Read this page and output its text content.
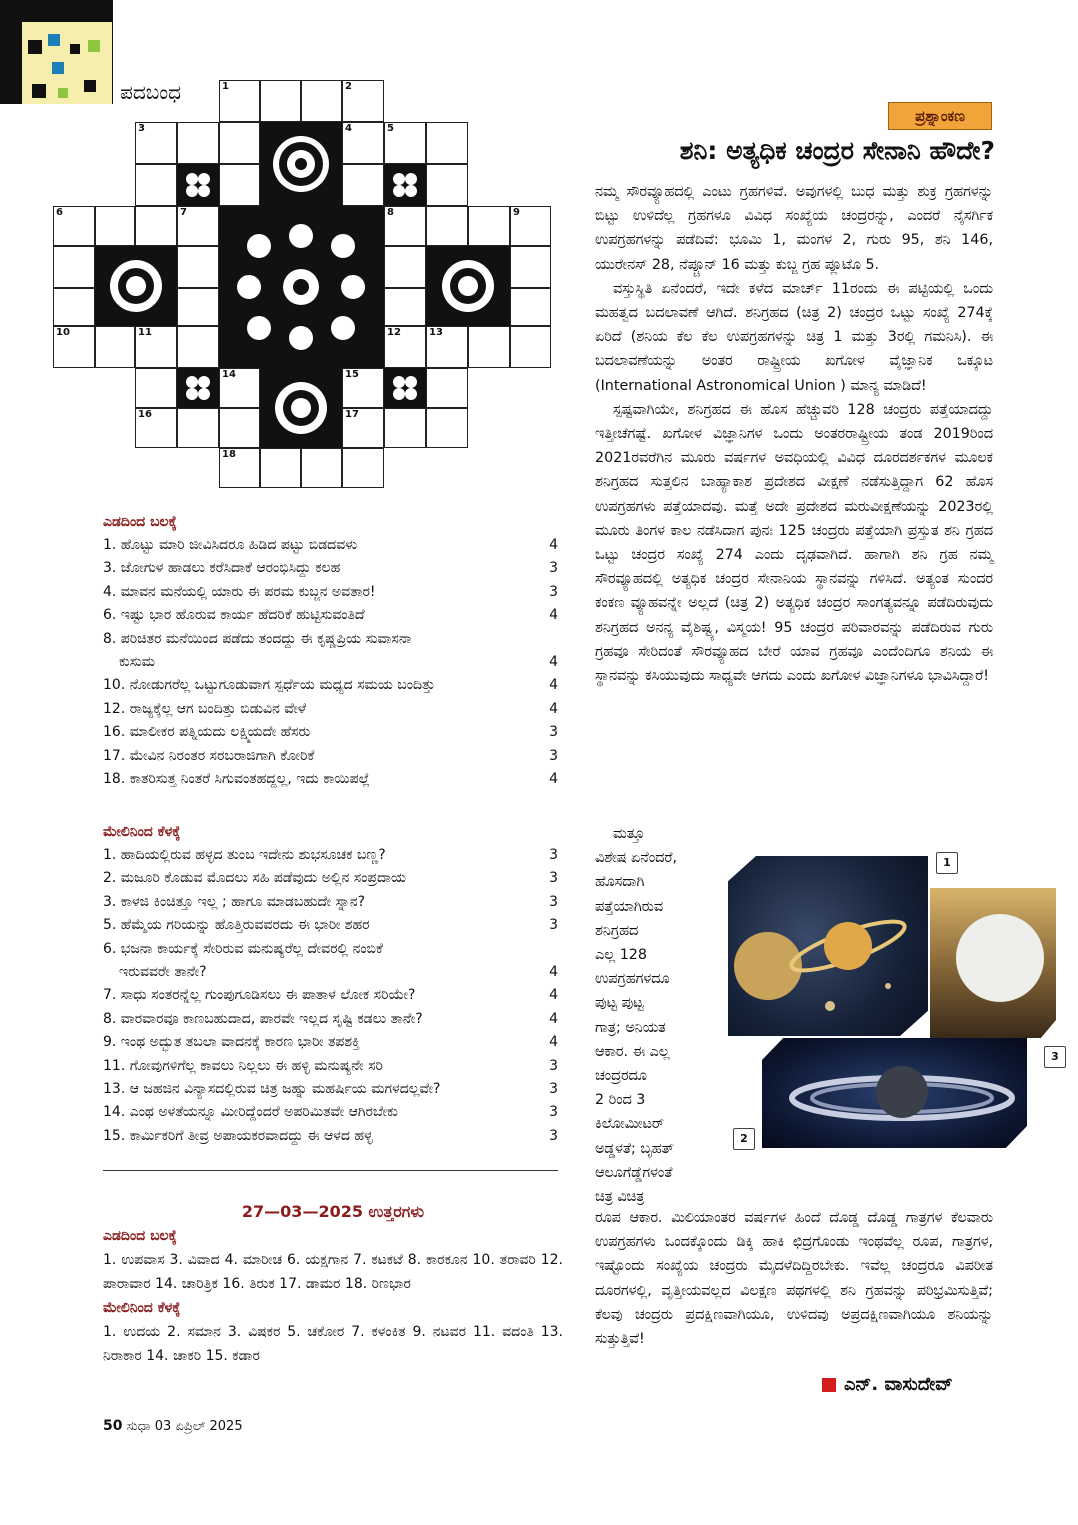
ಪದಬಂಧ	1	2
3	4	5
6	7	8	9
10	11	12	13
14	15
16	17
18
ಎಡದಿಂದ ಬಲಕ್ಕೆ
1. ಹೊಟ್ಟು ಮಾರಿ ಜೀವಿಸಿದರೂ ಹಿಡಿದ ಪಟ್ಟು ಬಿಡದವಳು	4
3. ಜೋಗುಳ ಹಾಡಲು ಕರೆಸಿದಾಕೆ ಆರಂಭಿಸಿದ್ದು ಕಲಹ	3
4. ಮಾವನ ಮನೆಯಲ್ಲಿ ಯಾರು ಈ ಪರಮ ಕುಬ್ಜನ ಅವತಾರ!	3
6. ಇಷ್ಟು ಭಾರ ಹೊರುವ ಕಾರ್ಯ ಹೆದರಿಕೆ ಹುಟ್ಟಿಸುವಂತಿದೆ	4
8. ಪರಿಚಿತರ ಮನೆಯಿಂದ ಪಡೆದು ತಂದದ್ದು ಈ ಕೃಷ್ಣಪ್ರಿಯ ಸುವಾಸನಾ
ಕುಸುಮ	4
10. ನೋಡುಗರೆಲ್ಲ ಒಟ್ಟುಗೂಡುವಾಗ ಸ್ಪರ್ಧೆಯ ಮಧ್ಯದ ಸಮಯ ಬಂದಿತ್ತು	4
12. ರಾಜ್ಯಕ್ಕೆಲ್ಲ ಆಗ ಬಂದಿತ್ತು ಬಿಡುವಿನ ವೇಳೆ	4
16. ಮಾಲೀಕರ ಪತ್ನಿಯದು ಲಕ್ಷ್ಮಿಯದೇ ಹೆಸರು	3
17. ಮೇವಿನ ನಿರಂತರ ಸರಬರಾಜಿಗಾಗಿ ಕೋರಿಕೆ	3
18. ಕಾತರಿಸುತ್ತ ನಿಂತರೆ ಸಿಗುವಂತಹದ್ದಲ್ಲ, ಇದು ಕಾಯಿಪಲ್ಲೆ	4
ಮೇಲಿನಿಂದ ಕೆಳಕ್ಕೆ
1. ಹಾದಿಯಲ್ಲಿರುವ ಹಳ್ಳದ ತುಂಬ ಇದೇನು ಶುಭಸೂಚಕ ಬಣ್ಣ?	3
2. ಮಜೂರಿ ಕೊಡುವ ಮೊದಲು ಸಹಿ ಪಡೆವುದು ಅಲ್ಲಿನ ಸಂಪ್ರದಾಯ	3
3. ಕಾಳಜಿ ಕಿಂಚಿತ್ತೂ ಇಲ್ಲ ; ಹಾಗೂ ಮಾಡಬಹುದೇ ಸ್ನಾನ?	3
5. ಹೆಮ್ಮೆಯ ಗರಿಯನ್ನು ಹೊತ್ತಿರುವವರದು ಈ ಭಾರೀ ಶಹರ	3
6. ಭಜನಾ ಕಾರ್ಯಕ್ಕೆ ಸೇರಿರುವ ಮನುಷ್ಯರೆಲ್ಲ ದೇವರಲ್ಲಿ ನಂಬಿಕೆ
ಇರುವವರೇ ತಾನೇ?	4
7. ಸಾಧು ಸಂತರನ್ನೆಲ್ಲ ಗುಂಪುಗೂಡಿಸಲು ಈ ಪಾತಾಳ ಲೋಕ ಸರಿಯೇ?	4
8. ವಾರವಾರವೂ ಕಾಣಬಹುದಾದ, ಪಾರವೇ ಇಲ್ಲದ ಸೃಷ್ಟಿ ಕಡಲು ತಾನೇ?	4
9. ಇಂಥ ಅದ್ಭುತ ತಬಲಾ ವಾದನಕ್ಕೆ ಕಾರಣ ಭಾರೀ ತಪಶಕ್ತಿ	4
11. ಗೋವುಗಳಿಗೆಲ್ಲ ಕಾವಲು ನಿಲ್ಲಲು ಈ ಹಳ್ಳಿ ಮನುಷ್ಯನೇ ಸರಿ	3
13. ಆ ಜಹಜಿನ ವಿನ್ಯಾಸದಲ್ಲಿರುವ ಚಿತ್ರ ಜಹ್ನು ಮಹರ್ಷಿಯ ಮಗಳದಲ್ಲವೇ?	3
14. ಎಂಥ ಅಳತೆಯನ್ನೂ ಮೀರಿದ್ದೆಂದರೆ ಅಪರಿಮಿತವೇ ಆಗಿರಬೇಕು	3
15. ಕಾರ್ಮಿಕರಿಗೆ ತೀವ್ರ ಅಪಾಯಕರವಾದದ್ದು ಈ ಆಳದ ಹಳ್ಳ	3
27—03—2025 ಉತ್ತರಗಳು
ಎಡದಿಂದ ಬಲಕ್ಕೆ

1. ಉಪವಾಸ 3. ವಿವಾದ 4. ಮಾರೀಚ 6. ಯಕ್ಷಗಾನ 7. ಕಟಕಟೆ 8. ಕಾರಕೂನ 10. ತರಾವರಿ 12. ಪಾರಾವಾರ 14. ಚಾರಿತ್ರಿಕ 16. ತಿರುಕ 17. ಡಾಮರ 18. ರಿಣಭಾರ

ಮೇಲಿನಿಂದ ಕೆಳಕ್ಕೆ

1. ಉದಯ 2. ಸಮಾನ 3. ವಿಷಕರ 5. ಚಕೋರ 7. ಕಳಂಕಿತ 9. ನಟವರ 11. ವದಂತಿ 13. ನಿರಾಕಾರ 14. ಚಾಕರಿ 15. ಕಡಾರ

50 ಸುಧಾ 03 ಏಪ್ರಿಲ್ 2025
ಪ್ರಶ್ನಾಂಕಣ
ಶನಿ: ಅತ್ಯಧಿಕ ಚಂದ್ರರ ಸೇನಾನಿ ಹೌದೇ?

ನಮ್ಮ ಸೌರವ್ಯೂಹದಲ್ಲಿ ಎಂಟು ಗ್ರಹಗಳಿವೆ. ಅವುಗಳಲ್ಲಿ ಬುಧ ಮತ್ತು ಶುಕ್ರ ಗ್ರಹಗಳನ್ನು ಬಿಟ್ಟು ಉಳಿದೆಲ್ಲ ಗ್ರಹಗಳೂ ವಿವಿಧ ಸಂಖ್ಯೆಯ ಚಂದ್ರರನ್ನು, ಎಂದರೆ ನೈಸರ್ಗಿಕ ಉಪಗ್ರಹಗಳನ್ನು ಪಡೆದಿವೆ: ಭೂಮಿ 1, ಮಂಗಳ 2, ಗುರು 95, ಶನಿ 146, ಯುರೇನಸ್ 28, ನೆಪ್ಚೂನ್ 16 ಮತ್ತು ಕುಬ್ಜ ಗ್ರಹ ಪ್ಲೂಟೊ 5.

ವಸ್ತುಸ್ಥಿತಿ ಏನೆಂದರೆ, ಇದೇ ಕಳೆದ ಮಾರ್ಚ್ 11ರಂದು ಈ ಪಟ್ಟಿಯಲ್ಲಿ ಒಂದು ಮಹತ್ವದ ಬದಲಾವಣೆ ಆಗಿದೆ. ಶನಿಗ್ರಹದ (ಚಿತ್ರ 2) ಚಂದ್ರರ ಒಟ್ಟು ಸಂಖ್ಯೆ 274ಕ್ಕೆ ಏರಿದೆ (ಶನಿಯ ಕೆಲ ಕೆಲ ಉಪಗ್ರಹಗಳನ್ನು ಚಿತ್ರ 1 ಮತ್ತು 3ರಲ್ಲಿ ಗಮನಿಸಿ). ಈ ಬದಲಾವಣೆಯನ್ನು ಅಂತರ ರಾಷ್ಟ್ರೀಯ ಖಗೋಳ ವೈಜ್ಞಾನಿಕ ಒಕ್ಕೂಟ (International Astronomical Union ) ಮಾನ್ಯ ಮಾಡಿದೆ!

ಸ್ಪಷ್ಟವಾಗಿಯೇ, ಶನಿಗ್ರಹದ ಈ ಹೊಸ ಹೆಚ್ಚುವರಿ 128 ಚಂದ್ರರು ಪತ್ತೆಯಾದದ್ದು ಇತ್ತೀಚೆಗಷ್ಟೆ. ಖಗೋಳ ವಿಜ್ಞಾನಿಗಳ ಒಂದು ಅಂತರರಾಷ್ಟ್ರೀಯ ತಂಡ 2019ರಿಂದ 2021ರವರೆಗಿನ ಮೂರು ವರ್ಷಗಳ ಅವಧಿಯಲ್ಲಿ ವಿವಿಧ ದೂರದರ್ಶಕಗಳ ಮೂಲಕ ಶನಿಗ್ರಹದ ಸುತ್ತಲಿನ ಬಾಹ್ಯಾಕಾಶ ಪ್ರದೇಶದ ವೀಕ್ಷಣೆ ನಡೆಸುತ್ತಿದ್ದಾಗ 62 ಹೊಸ ಉಪಗ್ರಹಗಳು ಪತ್ತೆಯಾದವು. ಮತ್ತೆ ಅದೇ ಪ್ರದೇಶದ ಮರುವೀಕ್ಷಣೆಯನ್ನು 2023ರಲ್ಲಿ ಮೂರು ತಿಂಗಳ ಕಾಲ ನಡೆಸಿದಾಗ ಪುನಃ 125 ಚಂದ್ರರು ಪತ್ತೆಯಾಗಿ ಪ್ರಸ್ತುತ ಶನಿ ಗ್ರಹದ ಒಟ್ಟು ಚಂದ್ರರ ಸಂಖ್ಯೆ 274 ಎಂದು ದೃಢವಾಗಿದೆ. ಹಾಗಾಗಿ ಶನಿ ಗ್ರಹ ನಮ್ಮ ಸೌರವ್ಯೂಹದಲ್ಲಿ ಅತ್ಯಧಿಕ ಚಂದ್ರರ ಸೇನಾನಿಯ ಸ್ಥಾನವನ್ನು ಗಳಿಸಿದೆ. ಅತ್ಯಂತ ಸುಂದರ ಕಂಕಣ ವ್ಯೂಹವನ್ನೇ ಅಲ್ಲದೆ (ಚಿತ್ರ 2) ಅತ್ಯಧಿಕ ಚಂದ್ರರ ಸಾಂಗತ್ಯವನ್ನೂ ಪಡೆದಿರುವುದು ಶನಿಗ್ರಹದ ಅನನ್ಯ ವೈಶಿಷ್ಟ್ಯ, ವಿಸ್ಮಯ! 95 ಚಂದ್ರರ ಪರಿವಾರವನ್ನು ಪಡೆದಿರುವ ಗುರು ಗ್ರಹವೂ ಸೇರಿದಂತೆ ಸೌರವ್ಯೂಹದ ಬೇರೆ ಯಾವ ಗ್ರಹವೂ ಎಂದೆಂದಿಗೂ ಶನಿಯ ಈ ಸ್ಥಾನವನ್ನು ಕಸಿಯುವುದು ಸಾಧ್ಯವೇ ಆಗದು ಎಂದು ಖಗೋಳ ವಿಜ್ಞಾನಿಗಳೂ ಭಾವಿಸಿದ್ದಾರೆ!

ಮತ್ತೂ
ವಿಶೇಷ ಏನೆಂದರೆ,
ಹೊಸದಾಗಿ
ಪತ್ತೆಯಾಗಿರುವ
ಶನಿಗ್ರಹದ
ಎಲ್ಲ 128
ಉಪಗ್ರಹಗಳದೂ
ಪುಟ್ಟ ಪುಟ್ಟ
ಗಾತ್ರ; ಅನಿಯತ
ಆಕಾರ. ಈ ಎಲ್ಲ
ಚಂದ್ರರದೂ
2 ರಿಂದ 3
ಕಿಲೋಮೀಟರ್
ಅಡ್ಡಳತೆ; ಬೃಹತ್
ಆಲೂಗೆಡ್ಡೆಗಳಂತೆ
ಚಿತ್ರ ವಿಚಿತ್ರ
1
2
3
ರೂಪ ಆಕಾರ. ಮಿಲಿಯಾಂತರ ವರ್ಷಗಳ ಹಿಂದೆ ದೊಡ್ಡ ದೊಡ್ಡ ಗಾತ್ರಗಳ ಕೆಲವಾರು ಉಪಗ್ರಹಗಳು ಒಂದಕ್ಕೊಂದು ಡಿಕ್ಕಿ ಹಾಕಿ ಛಿದ್ರಗೊಂಡು ಇಂಥವೆಲ್ಲ ರೂಪ, ಗಾತ್ರಗಳ, ಇಷ್ಟೊಂದು ಸಂಖ್ಯೆಯ ಚಂದ್ರರು ಮೈದಳೆದಿದ್ದಿರಬೇಕು. ಇವೆಲ್ಲ ಚಂದ್ರರೂ ವಿಪರೀತ ದೂರಗಳಲ್ಲಿ, ವೃತ್ತೀಯವಲ್ಲದ ವಿಲಕ್ಷಣ ಪಥಗಳಲ್ಲಿ ಶನಿ ಗ್ರಹವನ್ನು ಪರಿಭ್ರಮಿಸುತ್ತಿವೆ; ಕೆಲವು ಚಂದ್ರರು ಪ್ರದಕ್ಷಿಣವಾಗಿಯೂ, ಉಳಿದವು ಅಪ್ರದಕ್ಷಿಣವಾಗಿಯೂ ಶನಿಯನ್ನು ಸುತ್ತುತ್ತಿವೆ!
ಎನ್. ವಾಸುದೇವ್
